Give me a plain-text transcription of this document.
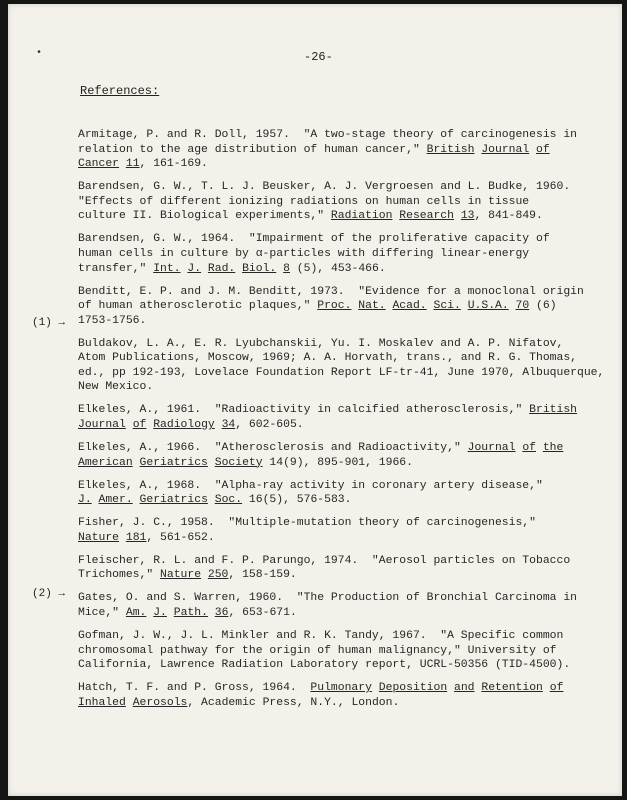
•	-26-
References:
(1) →
(2) →
Armitage, P. and R. Doll, 1957.  "A two-stage theory of carcinogenesis in
relation to the age distribution of human cancer," British Journal of
Cancer 11, 161-169.
Barendsen, G. W., T. L. J. Beusker, A. J. Vergroesen and L. Budke, 1960.
"Effects of different ionizing radiations on human cells in tissue
culture II. Biological experiments," Radiation Research 13, 841-849.
Barendsen, G. W., 1964.  "Impairment of the proliferative capacity of
human cells in culture by α-particles with differing linear-energy
transfer," Int. J. Rad. Biol. 8 (5), 453-466.
Benditt, E. P. and J. M. Benditt, 1973.  "Evidence for a monoclonal origin
of human atherosclerotic plaques," Proc. Nat. Acad. Sci. U.S.A. 70 (6)
1753-1756.
Buldakov, L. A., E. R. Lyubchanskii, Yu. I. Moskalev and A. P. Nifatov,
Atom Publications, Moscow, 1969; A. A. Horvath, trans., and R. G. Thomas,
ed., pp 192-193, Lovelace Foundation Report LF-tr-41, June 1970, Albuquerque,
New Mexico.
Elkeles, A., 1961.  "Radioactivity in calcified atherosclerosis," British
Journal of Radiology 34, 602-605.
Elkeles, A., 1966.  "Atherosclerosis and Radioactivity," Journal of the
American Geriatrics Society 14(9), 895-901, 1966.
Elkeles, A., 1968.  "Alpha-ray activity in coronary artery disease,"
J. Amer. Geriatrics Soc. 16(5), 576-583.
Fisher, J. C., 1958.  "Multiple-mutation theory of carcinogenesis,"
Nature 181, 561-652.
Fleischer, R. L. and F. P. Parungo, 1974.  "Aerosol particles on Tobacco
Trichomes," Nature 250, 158-159.
Gates, O. and S. Warren, 1960.  "The Production of Bronchial Carcinoma in
Mice," Am. J. Path. 36, 653-671.
Gofman, J. W., J. L. Minkler and R. K. Tandy, 1967.  "A Specific common
chromosomal pathway for the origin of human malignancy," University of
California, Lawrence Radiation Laboratory report, UCRL-50356 (TID-4500).
Hatch, T. F. and P. Gross, 1964.  Pulmonary Deposition and Retention of
Inhaled Aerosols, Academic Press, N.Y., London.
